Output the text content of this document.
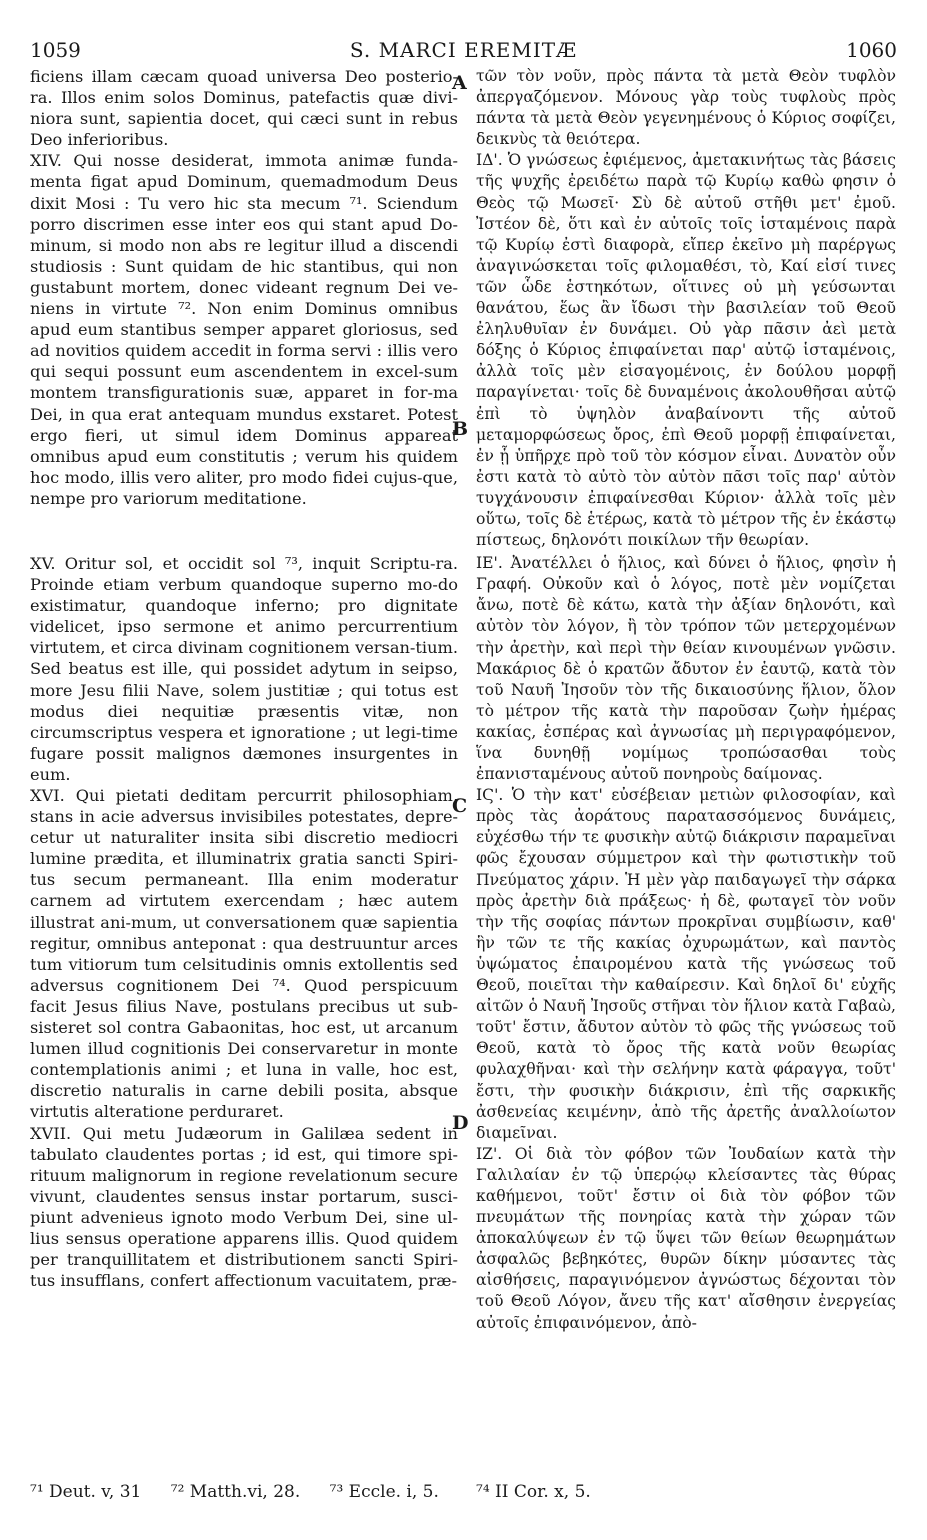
1059	S. MARCI EREMITÆ	1060

ficiens illam cæcam quoad universa Deo posterio-ra. Illos enim solos Dominus, patefactis quæ divi-niora sunt, sapientia docet, qui cæci sunt in rebus Deo inferioribus.

XIV. Qui nosse desiderat, immota animæ funda-menta figat apud Dominum, quemadmodum Deus dixit Mosi : Tu vero hic sta mecum ⁷¹. Sciendum porro discrimen esse inter eos qui stant apud Do-minum, si modo non abs re legitur illud a discendi studiosis : Sunt quidam de hic stantibus, qui non gustabunt mortem, donec videant regnum Dei ve-niens in virtute ⁷². Non enim Dominus omnibus apud eum stantibus semper apparet gloriosus, sed ad novitios quidem accedit in forma servi : illis vero qui sequi possunt eum ascendentem in excel-sum montem transfigurationis suæ, apparet in for-ma Dei, in qua erat antequam mundus exstaret. Potest ergo fieri, ut simul idem Dominus appareat omnibus apud eum constitutis ; verum his quidem hoc modo, illis vero aliter, pro modo fidei cujus-que, nempe pro variorum meditatione.

XV. Oritur sol, et occidit sol ⁷³, inquit Scriptu-ra. Proinde etiam verbum quandoque superno mo-do existimatur, quandoque inferno; pro dignitate videlicet, ipso sermone et animo percurrentium virtutem, et circa divinam cognitionem versan-tium. Sed beatus est ille, qui possidet adytum in seipso, more Jesu filii Nave, solem justitiæ ; qui totus est modus diei nequitiæ præsentis vitæ, non circumscriptus vespera et ignoratione ; ut legi-time fugare possit malignos dæmones insurgentes in eum.

XVI. Qui pietati deditam percurrit philosophiam, stans in acie adversus invisibiles potestates, depre-cetur ut naturaliter insita sibi discretio mediocri lumine prædita, et illuminatrix gratia sancti Spiri-tus secum permaneant. Illa enim moderatur carnem ad virtutem exercendam ; hæc autem illustrat ani-mum, ut conversationem quæ sapientia regitur, omnibus anteponat : qua destruuntur arces tum vitiorum tum celsitudinis omnis extollentis sed adversus cognitionem Dei ⁷⁴. Quod perspicuum facit Jesus filius Nave, postulans precibus ut sub-sisteret sol contra Gabaonitas, hoc est, ut arcanum lumen illud cognitionis Dei conservaretur in monte contemplationis animi ; et luna in valle, hoc est, discretio naturalis in carne debili posita, absque virtutis alteratione perduraret.

XVII. Qui metu Judæorum in Galilæa sedent in tabulato claudentes portas ; id est, qui timore spi-rituum malignorum in regione revelationum secure vivunt, claudentes sensus instar portarum, susci-piunt advenieus ignoto modo Verbum Dei, sine ul-lius sensus operatione apparens illis. Quod quidem per tranquillitatem et distributionem sancti Spiri-tus insufflans, confert affectionum vacuitatem, præ-

A
B
C
D

τῶν τὸν νοῦν, πρὸς πάντα τὰ μετὰ Θεὸν τυφλὸν ἀπεργαζόμενον. Μόνους γὰρ τοὺς τυφλοὺς πρὸς πάντα τὰ μετὰ Θεὸν γεγενημένους ὁ Κύριος σοφίζει, δεικνὺς τὰ θειότερα.

ΙΔ'. Ὁ γνώσεως ἐφιέμενος, ἀμετακινήτως τὰς βάσεις τῆς ψυχῆς ἐρειδέτω παρὰ τῷ Κυρίῳ καθὼ φησιν ὁ Θεὸς τῷ Μωσεῖ· Σὺ δὲ αὐτοῦ στῆθι μετ' ἐμοῦ. Ἰστέον δὲ, ὅτι καὶ ἐν αὐτοῖς τοῖς ἱσταμένοις παρὰ τῷ Κυρίῳ ἐστὶ διαφορὰ, εἴπερ ἐκεῖνο μὴ παρέργως ἀναγινώσκεται τοῖς φιλομαθέσι, τὸ, Καί εἰσί τινες τῶν ὧδε ἑστηκότων, οἵτινες οὐ μὴ γεύσωνται θανάτου, ἕως ἂν ἴδωσι τὴν βασιλείαν τοῦ Θεοῦ ἐληλυθυῖαν ἐν δυνάμει. Οὐ γὰρ πᾶσιν ἀεὶ μετὰ δόξης ὁ Κύριος ἐπιφαίνεται παρ' αὐτῷ ἱσταμένοις, ἀλλὰ τοῖς μὲν εἰσαγομένοις, ἐν δούλου μορφῇ παραγίνεται· τοῖς δὲ δυναμένοις ἀκολουθῆσαι αὐτῷ ἐπὶ τὸ ὑψηλὸν ἀναβαίνοντι τῆς αὐτοῦ μεταμορφώσεως ὄρος, ἐπὶ Θεοῦ μορφῇ ἐπιφαίνεται, ἐν ᾗ ὑπῆρχε πρὸ τοῦ τὸν κόσμον εἶναι. Δυνατὸν οὖν ἐστι κατὰ τὸ αὐτὸ τὸν αὐτὸν πᾶσι τοῖς παρ' αὐτὸν τυγχάνουσιν ἐπιφαίνεσθαι Κύριον· ἀλλὰ τοῖς μὲν οὕτω, τοῖς δὲ ἑτέρως, κατὰ τὸ μέτρον τῆς ἐν ἑκάστῳ πίστεως, δηλονότι ποικίλων τῆν θεωρίαν.

ΙΕ'. Ἀνατέλλει ὁ ἥλιος, καὶ δύνει ὁ ἥλιος, φησὶν ἡ Γραφή. Οὐκοῦν καὶ ὁ λόγος, ποτὲ μὲν νομίζεται ἄνω, ποτὲ δὲ κάτω, κατὰ τὴν ἀξίαν δηλονότι, καὶ αὐτὸν τὸν λόγον, ἢ τὸν τρόπον τῶν μετερχομένων τὴν ἀρετὴν, καὶ περὶ τὴν θείαν κινουμένων γνῶσιν. Μακάριος δὲ ὁ κρατῶν ἄδυτον ἐν ἑαυτῷ, κατὰ τὸν τοῦ Ναυῆ Ἰησοῦν τὸν τῆς δικαιοσύνης ἥλιον, ὅλον τὸ μέτρον τῆς κατὰ τὴν παροῦσαν ζωὴν ἡμέρας κακίας, ἑσπέρας καὶ ἀγνωσίας μὴ περιγραφόμενον, ἵνα δυνηθῇ νομίμως τροπώσασθαι τοὺς ἐπανισταμένους αὐτοῦ πονηροὺς δαίμονας.

ΙϚ'. Ὁ τὴν κατ' εὐσέβειαν μετιὼν φιλοσοφίαν, καὶ πρὸς τὰς ἀοράτους παρατασσόμενος δυνάμεις, εὐχέσθω τήν τε φυσικὴν αὐτῷ διάκρισιν παραμεῖναι φῶς ἔχουσαν σύμμετρον καὶ τὴν φωτιστικὴν τοῦ Πνεύματος χάριν. Ἡ μὲν γὰρ παιδαγωγεῖ τὴν σάρκα πρὸς ἀρετὴν διὰ πράξεως· ἡ δὲ, φωταγεῖ τὸν νοῦν τὴν τῆς σοφίας πάντων προκρῖναι συμβίωσιν, καθ' ἣν τῶν τε τῆς κακίας ὀχυρωμάτων, καὶ παντὸς ὑψώματος ἐπαιρομένου κατὰ τῆς γνώσεως τοῦ Θεοῦ, ποιεῖται τὴν καθαίρεσιν. Καὶ δηλοῖ δι' εὐχῆς αἰτῶν ὁ Ναυῆ Ἰησοῦς στῆναι τὸν ἥλιον κατὰ Γαβαὼ, τοῦτ' ἔστιν, ἄδυτον αὐτὸν τὸ φῶς τῆς γνώσεως τοῦ Θεοῦ, κατὰ τὸ ὄρος τῆς κατὰ νοῦν θεωρίας φυλαχθῆναι· καὶ τὴν σελήνην κατὰ φάραγγα, τοῦτ' ἔστι, τὴν φυσικὴν διάκρισιν, ἐπὶ τῆς σαρκικῆς ἀσθενείας κειμένην, ἀπὸ τῆς ἀρετῆς ἀναλλοίωτον διαμεῖναι.

ΙΖ'. Οἱ διὰ τὸν φόβον τῶν Ἰουδαίων κατὰ τὴν Γαλιλαίαν ἐν τῷ ὑπερῴῳ κλείσαντες τὰς θύρας καθήμενοι, τοῦτ' ἔστιν οἱ διὰ τὸν φόβον τῶν πνευμάτων τῆς πονηρίας κατὰ τὴν χώραν τῶν ἀποκαλύψεων ἐν τῷ ὕψει τῶν θείων θεωρημάτων ἀσφαλῶς βεβηκότες, θυρῶν δίκην μύσαντες τὰς αἰσθήσεις, παραγινόμενον ἀγνώστως δέχονται τὸν τοῦ Θεοῦ Λόγον, ἄνευ τῆς κατ' αἴσθησιν ἐνεργείας αὐτοῖς ἐπιφαινόμενον, ἀπὸ-

⁷¹ Deut. v, 31 ⁷² Matth.vi, 28. ⁷³ Eccle. i, 5.	⁷⁴ II Cor. x, 5.
